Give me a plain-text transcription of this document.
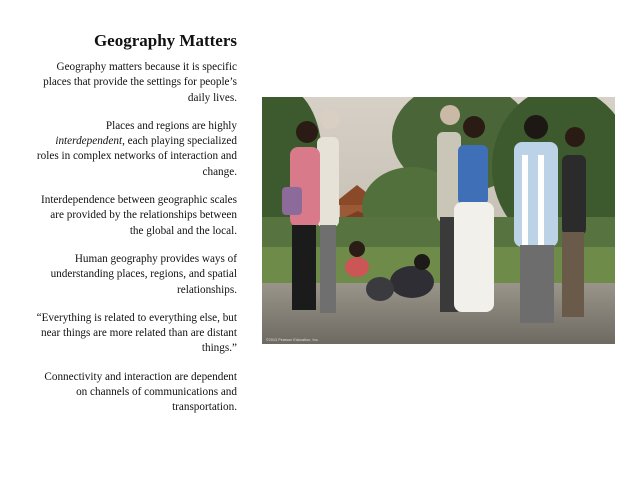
Geography Matters
Geography matters because it is specific places that provide the settings for people’s daily lives.
Places and regions are highly
interdependent, each playing specialized roles in complex networks of interaction and change.
Interdependence between geographic scales are provided by the relationships between the global and the local.
Human geography provides ways of understanding places, regions, and spatial relationships.
“Everything is related to everything else, but near things are more related than are distant things.”
Connectivity and interaction are dependent on channels of communications and transportation.
©2013 Pearson Education, Inc.
